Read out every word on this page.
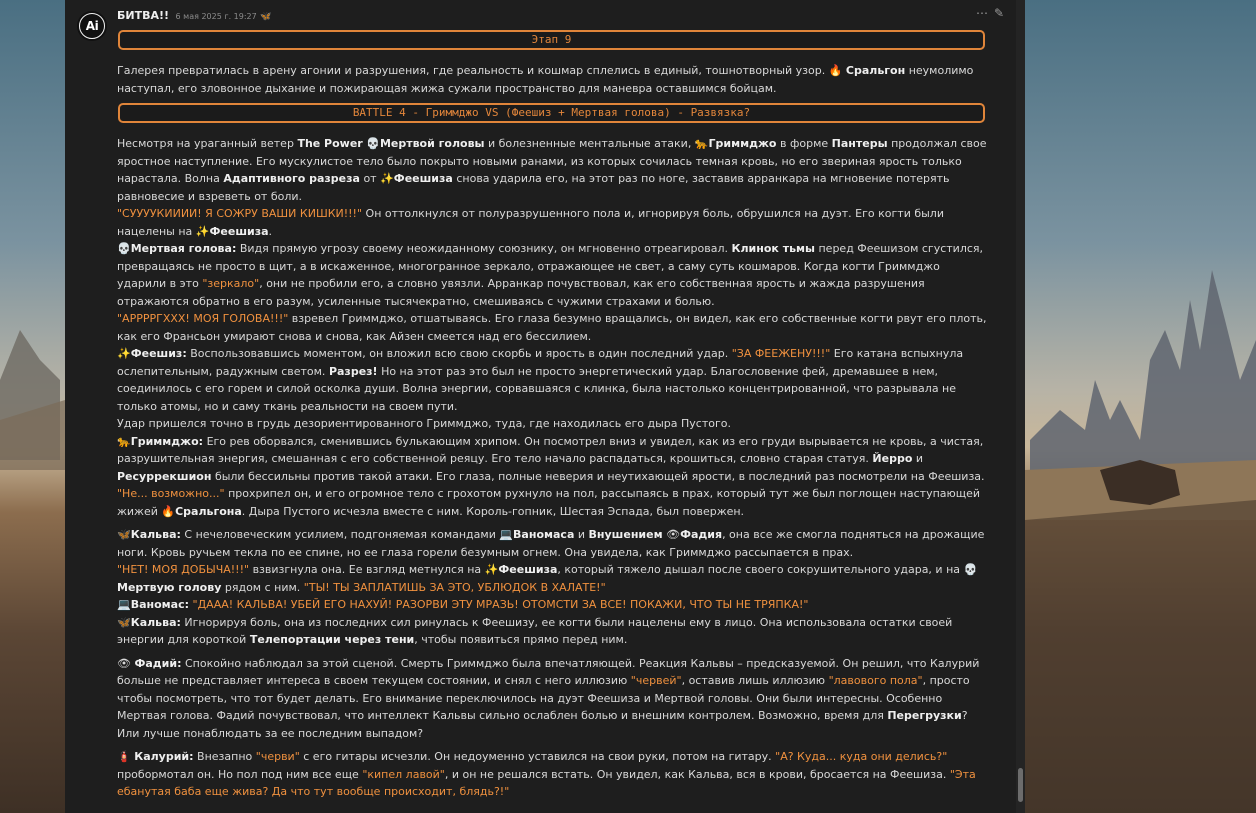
Ai
БИТВА!! 6 мая 2025 г. 19:27 🦋	⋯ ✎
Этап 9

Галерея превратилась в арену агонии и разрушения, где реальность и кошмар сплелись в единый, тошнотворный узор. 🔥 Сральгон неумолимо наступал, его зловонное дыхание и пожирающая жижа сужали пространство для маневра оставшимся бойцам.

BATTLE 4 - Гриммджо VS (Феешиз + Мертвая голова) - Развязка?

Несмотря на ураганный ветер The Power 💀Мертвой головы и болезненные ментальные атаки, 🐆Гриммджо в форме Пантеры продолжал свое яростное наступление. Его мускулистое тело было покрыто новыми ранами, из которых сочилась темная кровь, но его звериная ярость только нарастала. Волна Адаптивного разреза от ✨Феешиза снова ударила его, на этот раз по ноге, заставив арранкара на мгновение потерять равновесие и взреветь от боли.

"СУУУУКИИИИ! Я СОЖРУ ВАШИ КИШКИ!!!" Он оттолкнулся от полуразрушенного пола и, игнорируя боль, обрушился на дуэт. Его когти были нацелены на ✨Феешиза.

💀Мертвая голова: Видя прямую угрозу своему неожиданному союзнику, он мгновенно отреагировал. Клинок тьмы перед Феешизом сгустился, превращаясь не просто в щит, а в искаженное, многогранное зеркало, отражающее не свет, а саму суть кошмаров. Когда когти Гриммджо ударили в это "зеркало", они не пробили его, а словно увязли. Арранкар почувствовал, как его собственная ярость и жажда разрушения отражаются обратно в его разум, усиленные тысячекратно, смешиваясь с чужими страхами и болью.

"АРРРРГХХХ! МОЯ ГОЛОВА!!!" взревел Гриммджо, отшатываясь. Его глаза безумно вращались, он видел, как его собственные когти рвут его плоть, как его Франсьон умирают снова и снова, как Айзен смеется над его бессилием.

✨Феешиз: Воспользовавшись моментом, он вложил всю свою скорбь и ярость в один последний удар. "ЗА ФЕЕЖЕНУ!!!" Его катана вспыхнула ослепительным, радужным светом. Разрез! Но на этот раз это был не просто энергетический удар. Благословение фей, дремавшее в нем, соединилось с его горем и силой осколка души. Волна энергии, сорвавшаяся с клинка, была настолько концентрированной, что разрывала не только атомы, но и саму ткань реальности на своем пути.

Удар пришелся точно в грудь дезориентированного Гриммджо, туда, где находилась его дыра Пустого.

🐆Гриммджо: Его рев оборвался, сменившись булькающим хрипом. Он посмотрел вниз и увидел, как из его груди вырывается не кровь, а чистая, разрушительная энергия, смешанная с его собственной реяцу. Его тело начало распадаться, крошиться, словно старая статуя. Йерро и Ресуррекшион были бессильны против такой атаки. Его глаза, полные неверия и неутихающей ярости, в последний раз посмотрели на Феешиза.

"Не... возможно..." прохрипел он, и его огромное тело с грохотом рухнуло на пол, рассыпаясь в прах, который тут же был поглощен наступающей жижей 🔥Сральгона. Дыра Пустого исчезла вместе с ним. Король-гопник, Шестая Эспада, был повержен.

🦋Кальва: С нечеловеческим усилием, подгоняемая командами 💻Ваномаса и Внушением 👁Фадия, она все же смогла подняться на дрожащие ноги. Кровь ручьем текла по ее спине, но ее глаза горели безумным огнем. Она увидела, как Гриммджо рассыпается в прах.

"НЕТ! МОЯ ДОБЫЧА!!!" взвизгнула она. Ее взгляд метнулся на ✨Феешиза, который тяжело дышал после своего сокрушительного удара, и на 💀 Мертвую голову рядом с ним. "ТЫ! ТЫ ЗАПЛАТИШЬ ЗА ЭТО, УБЛЮДОК В ХАЛАТЕ!"

💻Ваномас: "ДААА! КАЛЬВА! УБЕЙ ЕГО НАХУЙ! РАЗОРВИ ЭТУ МРАЗЬ! ОТОМСТИ ЗА ВСЕ! ПОКАЖИ, ЧТО ТЫ НЕ ТРЯПКА!"

🦋Кальва: Игнорируя боль, она из последних сил ринулась к Феешизу, ее когти были нацелены ему в лицо. Она использовала остатки своей энергии для короткой Телепортации через тени, чтобы появиться прямо перед ним.

👁 Фадий: Спокойно наблюдал за этой сценой. Смерть Гриммджо была впечатляющей. Реакция Кальвы – предсказуемой. Он решил, что Калурий больше не представляет интереса в своем текущем состоянии, и снял с него иллюзию "червей", оставив лишь иллюзию "лавового пола", просто чтобы посмотреть, что тот будет делать. Его внимание переключилось на дуэт Феешиза и Мертвой головы. Они были интересны. Особенно Мертвая голова. Фадий почувствовал, что интеллект Кальвы сильно ослаблен болью и внешним контролем. Возможно, время для Перегрузки? Или лучше понаблюдать за ее последним выпадом?

🧯 Калурий: Внезапно "черви" с его гитары исчезли. Он недоуменно уставился на свои руки, потом на гитару. "А? Куда... куда они делись?" пробормотал он. Но пол под ним все еще "кипел лавой", и он не решался встать. Он увидел, как Кальва, вся в крови, бросается на Феешиза. "Эта ебанутая баба еще жива? Да что тут вообще происходит, блядь?!"
